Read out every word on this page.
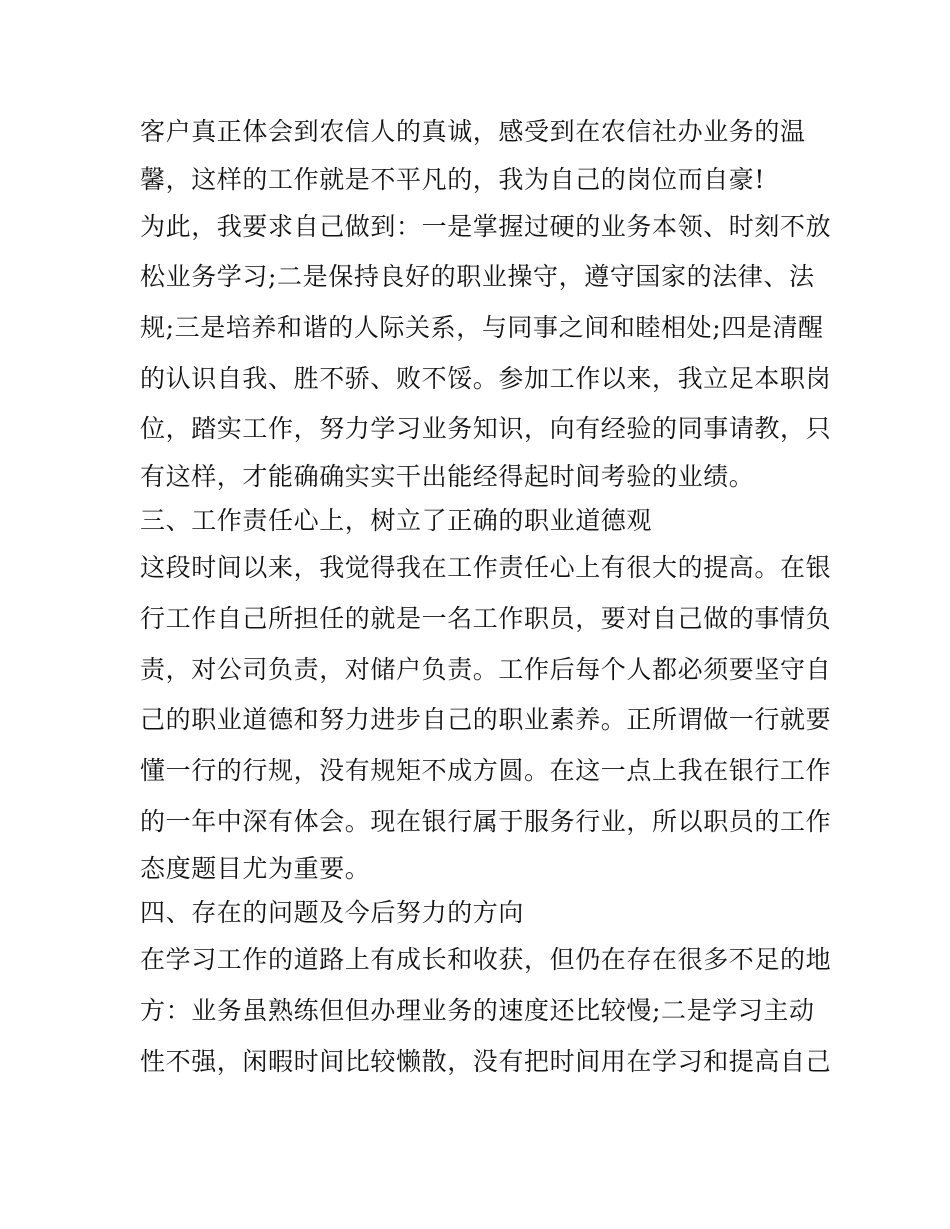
客户真正体会到农信人的真诚，感受到在农信社办业务的温
馨，这样的工作就是不平凡的，我为自己的岗位而自豪!
为此，我要求自己做到：一是掌握过硬的业务本领、时刻不放
松业务学习;二是保持良好的职业操守，遵守国家的法律、法
规;三是培养和谐的人际关系，与同事之间和睦相处;四是清醒
的认识自我、胜不骄、败不馁。参加工作以来，我立足本职岗
位，踏实工作，努力学习业务知识，向有经验的同事请教，只
有这样，才能确确实实干出能经得起时间考验的业绩。
三、工作责任心上，树立了正确的职业道德观
这段时间以来，我觉得我在工作责任心上有很大的提高。在银
行工作自己所担任的就是一名工作职员，要对自己做的事情负
责，对公司负责，对储户负责。工作后每个人都必须要坚守自
己的职业道德和努力进步自己的职业素养。正所谓做一行就要
懂一行的行规，没有规矩不成方圆。在这一点上我在银行工作
的一年中深有体会。现在银行属于服务行业，所以职员的工作
态度题目尤为重要。
四、存在的问题及今后努力的方向
在学习工作的道路上有成长和收获，但仍在存在很多不足的地
方：业务虽熟练但但办理业务的速度还比较慢;二是学习主动
性不强，闲暇时间比较懒散，没有把时间用在学习和提高自己
